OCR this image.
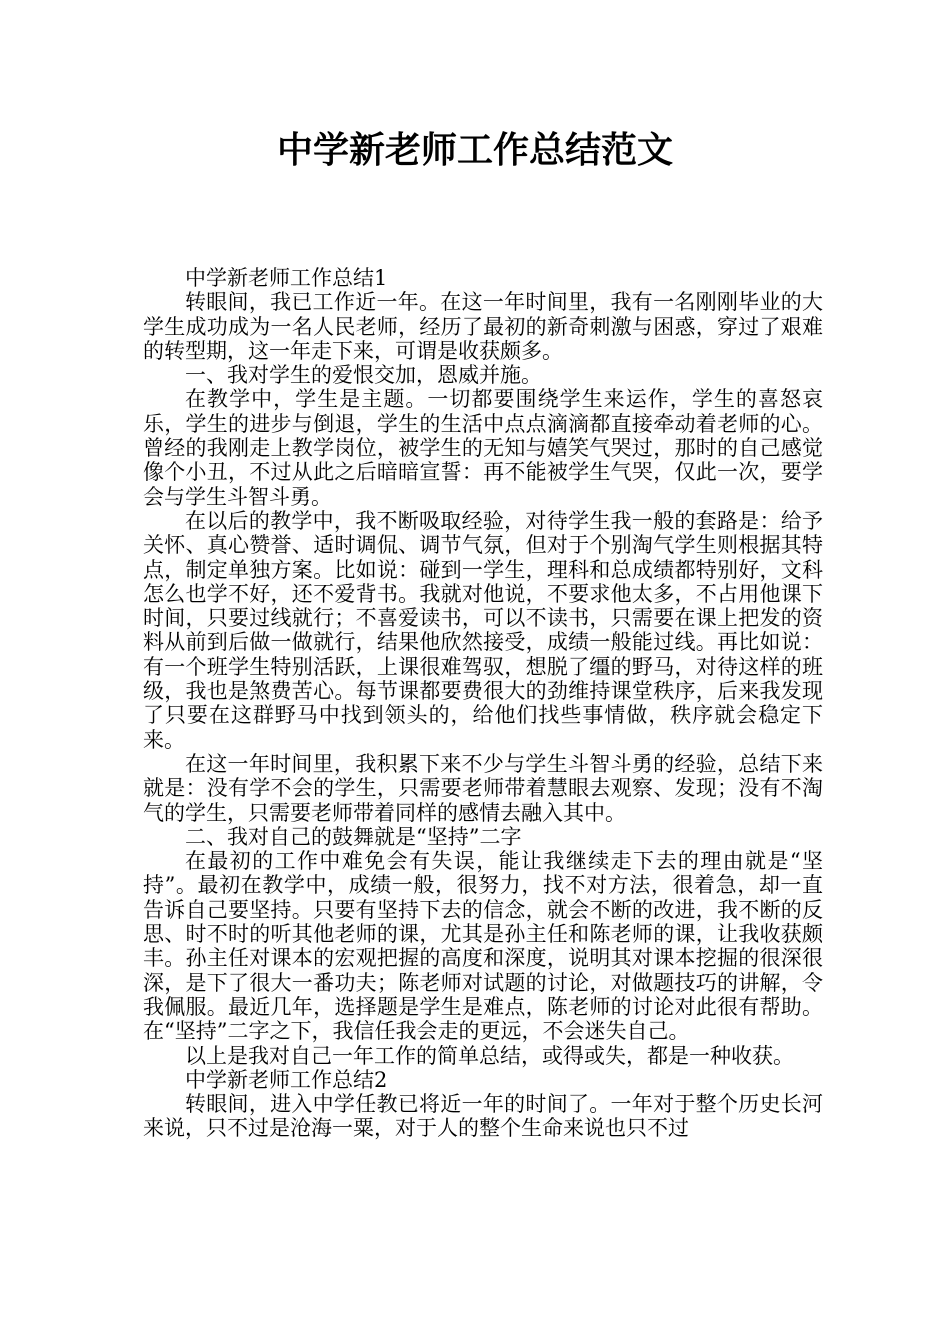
中学新老师工作总结范文

中学新老师工作总结1

转眼间，我已工作近一年。在这一年时间里，我有一名刚刚毕业的大学生成功成为一名人民老师，经历了最初的新奇刺激与困惑，穿过了艰难的转型期，这一年走下来，可谓是收获颇多。

一、我对学生的爱恨交加，恩威并施。

在教学中，学生是主题。一切都要围绕学生来运作，学生的喜怒哀乐，学生的进步与倒退，学生的生活中点点滴滴都直接牵动着老师的心。曾经的我刚走上教学岗位，被学生的无知与嬉笑气哭过，那时的自己感觉像个小丑，不过从此之后暗暗宣誓：再不能被学生气哭，仅此一次，要学会与学生斗智斗勇。

在以后的教学中，我不断吸取经验，对待学生我一般的套路是：给予关怀、真心赞誉、适时调侃、调节气氛，但对于个别淘气学生则根据其特点，制定单独方案。比如说：碰到一学生，理科和总成绩都特别好，文科怎么也学不好，还不爱背书。我就对他说，不要求他太多，不占用他课下时间，只要过线就行；不喜爱读书，可以不读书，只需要在课上把发的资料从前到后做一做就行，结果他欣然接受，成绩一般能过线。再比如说：有一个班学生特别活跃，上课很难驾驭，想脱了缰的野马，对待这样的班级，我也是煞费苦心。每节课都要费很大的劲维持课堂秩序，后来我发现了只要在这群野马中找到领头的，给他们找些事情做，秩序就会稳定下来。

在这一年时间里，我积累下来不少与学生斗智斗勇的经验，总结下来就是：没有学不会的学生，只需要老师带着慧眼去观察、发现；没有不淘气的学生，只需要老师带着同样的感情去融入其中。

二、我对自己的鼓舞就是“坚持”二字

在最初的工作中难免会有失误，能让我继续走下去的理由就是“坚持”。最初在教学中，成绩一般，很努力，找不对方法，很着急，却一直告诉自己要坚持。只要有坚持下去的信念，就会不断的改进，我不断的反思、时不时的听其他老师的课，尤其是孙主任和陈老师的课，让我收获颇丰。孙主任对课本的宏观把握的高度和深度，说明其对课本挖掘的很深很深，是下了很大一番功夫；陈老师对试题的讨论，对做题技巧的讲解，令我佩服。最近几年，选择题是学生是难点，陈老师的讨论对此很有帮助。在“坚持”二字之下，我信任我会走的更远，不会迷失自己。

以上是我对自己一年工作的简单总结，或得或失，都是一种收获。

中学新老师工作总结2

转眼间，进入中学任教已将近一年的时间了。一年对于整个历史长河来说，只不过是沧海一粟，对于人的整个生命来说也只不过
